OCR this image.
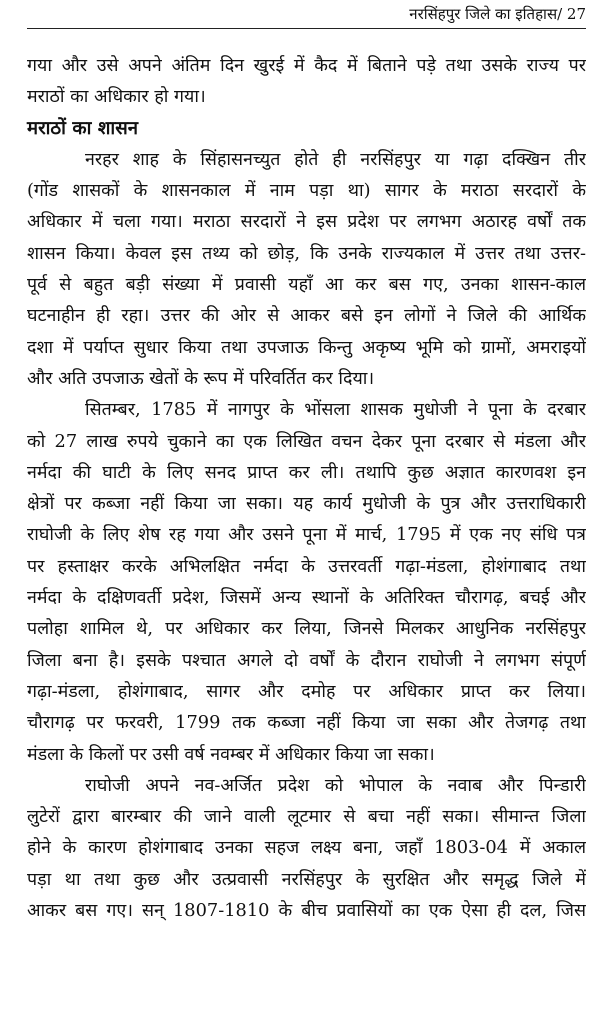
नरसिंहपुर जिले का इतिहास/ 27
गया और उसे अपने अंतिम दिन खुरई में कैद में बिताने पड़े तथा उसके राज्य पर
मराठों का अधिकार हो गया।
मराठों का शासन
नरहर शाह के सिंहासनच्युत होते ही नरसिंहपुर या गढ़ा दक्खिन तीर
(गोंड शासकों के शासनकाल में नाम पड़ा था) सागर के मराठा सरदारों के
अधिकार में चला गया। मराठा सरदारों ने इस प्रदेश पर लगभग अठारह वर्षों तक
शासन किया। केवल इस तथ्य को छोड़, कि उनके राज्यकाल में उत्तर तथा उत्तर-
पूर्व से बहुत बड़ी संख्या में प्रवासी यहाँ आ कर बस गए, उनका शासन-काल
घटनाहीन ही रहा। उत्तर की ओर से आकर बसे इन लोगों ने जिले की आर्थिक
दशा में पर्याप्त सुधार किया तथा उपजाऊ किन्तु अकृष्य भूमि को ग्रामों, अमराइयों
और अति उपजाऊ खेतों के रूप में परिवर्तित कर दिया।
सितम्बर, 1785 में नागपुर के भोंसला शासक मुधोजी ने पूना के दरबार
को 27 लाख रुपये चुकाने का एक लिखित वचन देकर पूना दरबार से मंडला और
नर्मदा की घाटी के लिए सनद प्राप्त कर ली। तथापि कुछ अज्ञात कारणवश इन
क्षेत्रों पर कब्जा नहीं किया जा सका। यह कार्य मुधोजी के पुत्र और उत्तराधिकारी
राघोजी के लिए शेष रह गया और उसने पूना में मार्च, 1795 में एक नए संधि पत्र
पर हस्ताक्षर करके अभिलक्षित नर्मदा के उत्तरवर्ती गढ़ा-मंडला, होशंगाबाद तथा
नर्मदा के दक्षिणवर्ती प्रदेश, जिसमें अन्य स्थानों के अतिरिक्त चौरागढ़, बचई और
पलोहा शामिल थे, पर अधिकार कर लिया, जिनसे मिलकर आधुनिक नरसिंहपुर
जिला बना है। इसके पश्चात अगले दो वर्षों के दौरान राघोजी ने लगभग संपूर्ण
गढ़ा-मंडला, होशंगाबाद, सागर और दमोह पर अधिकार प्राप्त कर लिया।
चौरागढ़ पर फरवरी, 1799 तक कब्जा नहीं किया जा सका और तेजगढ़ तथा
मंडला के किलों पर उसी वर्ष नवम्बर में अधिकार किया जा सका।
राघोजी अपने नव-अर्जित प्रदेश को भोपाल के नवाब और पिन्डारी
लुटेरों द्वारा बारम्बार की जाने वाली लूटमार से बचा नहीं सका। सीमान्त जिला
होने के कारण होशंगाबाद उनका सहज लक्ष्य बना, जहाँ 1803-04 में अकाल
पड़ा था तथा कुछ और उत्प्रवासी नरसिंहपुर के सुरक्षित और समृद्ध जिले में
आकर बस गए। सन् 1807-1810 के बीच प्रवासियों का एक ऐसा ही दल, जिस
